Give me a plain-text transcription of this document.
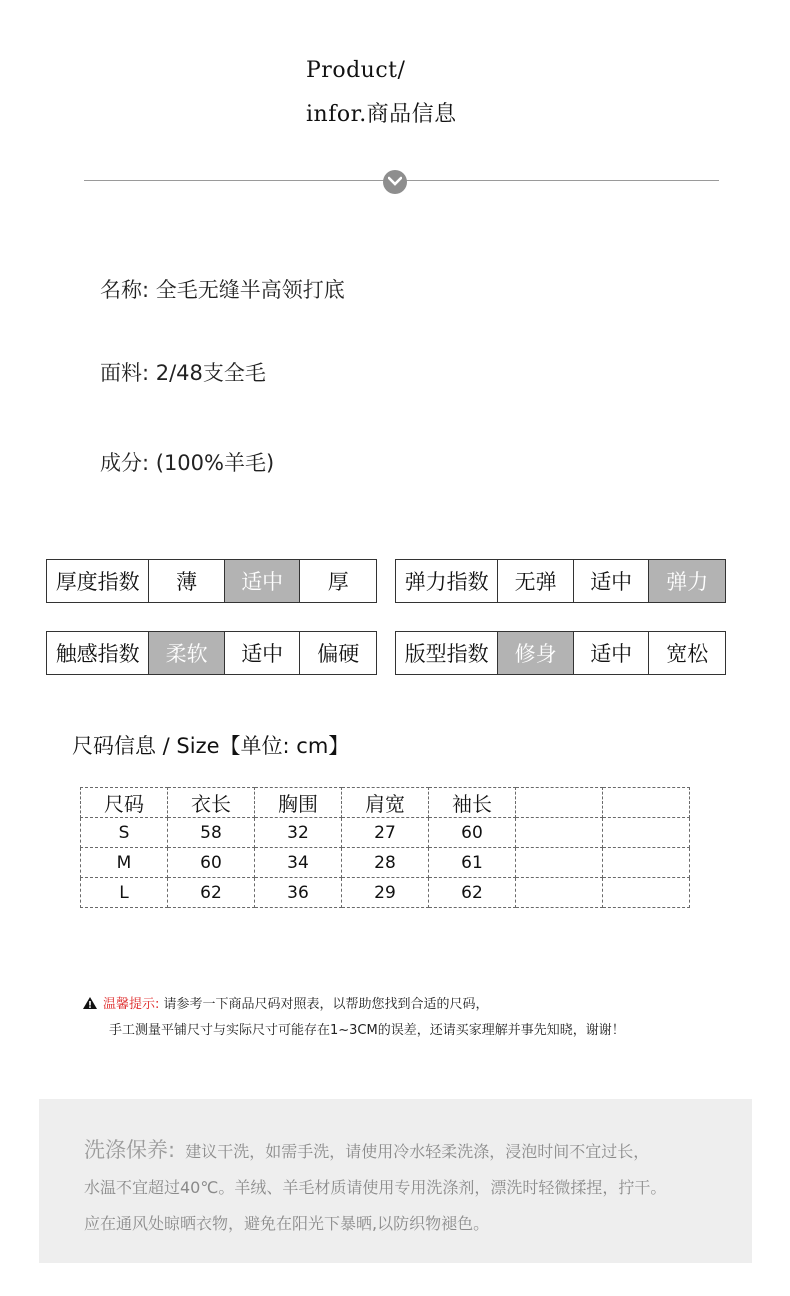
Product/
infor.商品信息
名称: 全毛无缝半高领打底
面料: 2/48支全毛
成分: (100%羊毛)
厚度指数	薄	适中	厚	弹力指数	无弹	适中	弹力
触感指数	柔软	适中	偏硬	版型指数	修身	适中	宽松
尺码信息 / Size【单位: cm】
尺码	衣长	胸围	肩宽	袖长		
S	58	32	27	60		
M	60	34	28	61		
L	62	36	29	62		
温馨提示: 请参考一下商品尺码对照表，以帮助您找到合适的尺码，
手工测量平铺尺寸与实际尺寸可能存在1~3CM的误差，还请买家理解并事先知晓，谢谢！
洗涤保养: 建议干洗，如需手洗，请使用冷水轻柔洗涤，浸泡时间不宜过长，
水温不宜超过40℃。羊绒、羊毛材质请使用专用洗涤剂，漂洗时轻微揉捏，拧干。
应在通风处晾晒衣物，避免在阳光下暴晒,以防织物褪色。
